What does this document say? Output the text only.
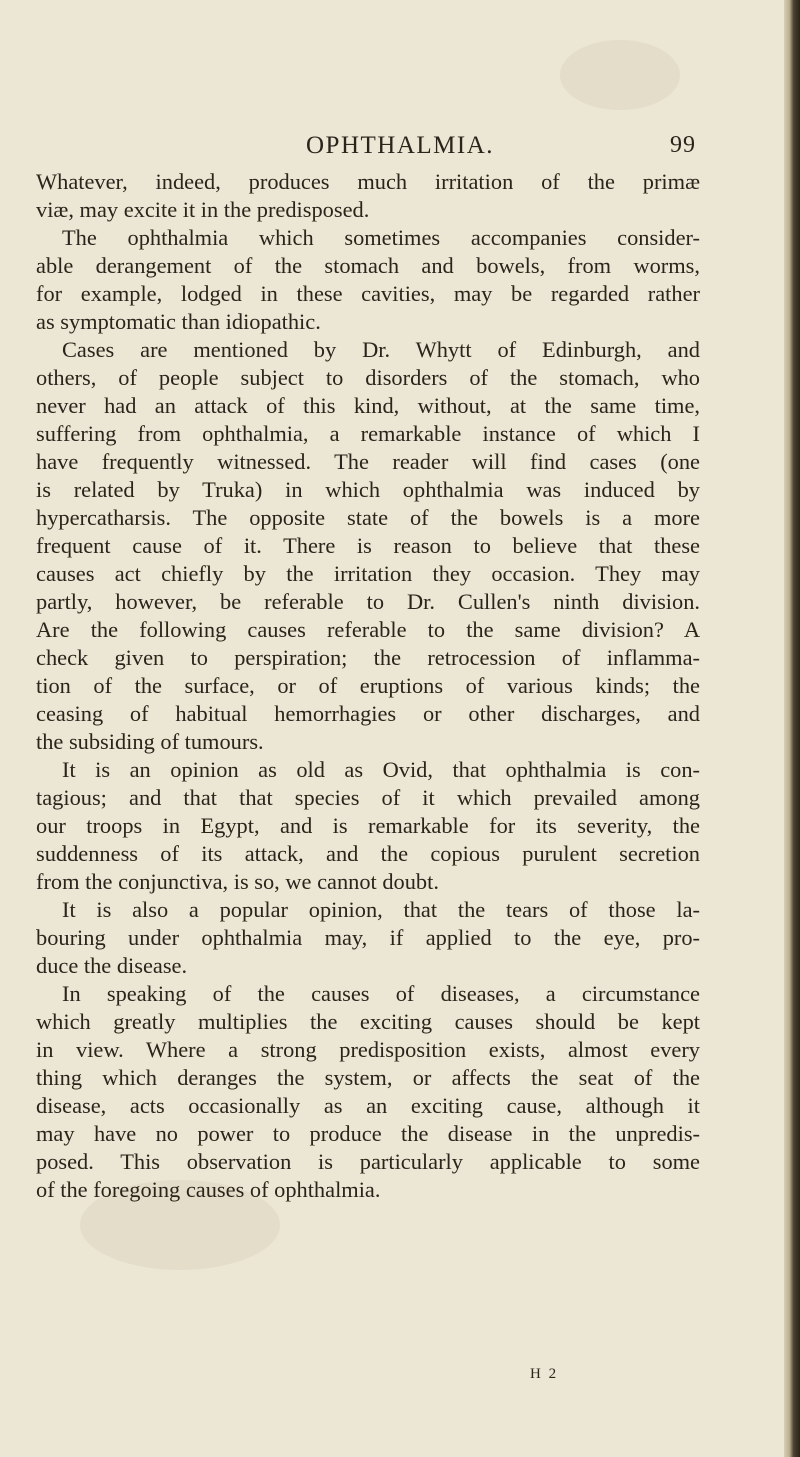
OPHTHALMIA.	99
Whatever, indeed, produces much irritation of the primæ
viæ, may excite it in the predisposed.
The ophthalmia which sometimes accompanies consider-
able derangement of the stomach and bowels, from worms,
for example, lodged in these cavities, may be regarded rather
as symptomatic than idiopathic.
Cases are mentioned by Dr. Whytt of Edinburgh, and
others, of people subject to disorders of the stomach, who
never had an attack of this kind, without, at the same time,
suffering from ophthalmia, a remarkable instance of which I
have frequently witnessed. The reader will find cases (one
is related by Truka) in which ophthalmia was induced by
hypercatharsis. The opposite state of the bowels is a more
frequent cause of it. There is reason to believe that these
causes act chiefly by the irritation they occasion. They may
partly, however, be referable to Dr. Cullen's ninth division.
Are the following causes referable to the same division? A
check given to perspiration; the retrocession of inflamma-
tion of the surface, or of eruptions of various kinds; the
ceasing of habitual hemorrhagies or other discharges, and
the subsiding of tumours.
It is an opinion as old as Ovid, that ophthalmia is con-
tagious; and that that species of it which prevailed among
our troops in Egypt, and is remarkable for its severity, the
suddenness of its attack, and the copious purulent secretion
from the conjunctiva, is so, we cannot doubt.
It is also a popular opinion, that the tears of those la-
bouring under ophthalmia may, if applied to the eye, pro-
duce the disease.
In speaking of the causes of diseases, a circumstance
which greatly multiplies the exciting causes should be kept
in view. Where a strong predisposition exists, almost every
thing which deranges the system, or affects the seat of the
disease, acts occasionally as an exciting cause, although it
may have no power to produce the disease in the unpredis-
posed. This observation is particularly applicable to some
of the foregoing causes of ophthalmia.
H 2
